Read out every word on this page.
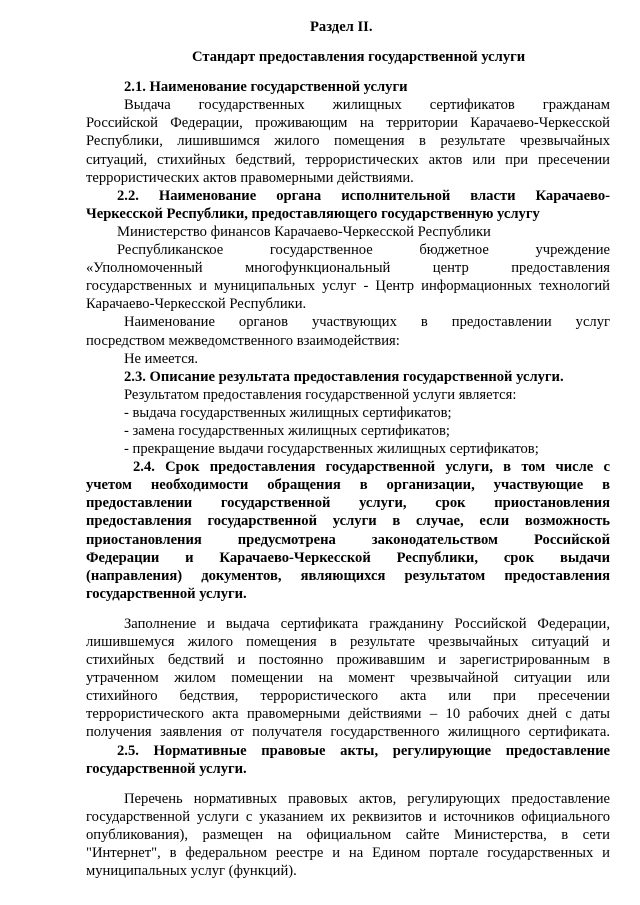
Раздел II.
Стандарт предоставления государственной услуги
2.1. Наименование государственной услуги
Выдача государственных жилищных сертификатов гражданам
Российской Федерации, проживающим на территории Карачаево-Черкесской
Республики, лишившимся жилого помещения в результате чрезвычайных
ситуаций, стихийных бедствий, террористических актов или при пресечении
террористических актов правомерными действиями.
2.2. Наименование органа исполнительной власти Карачаево-
Черкесской Республики, предоставляющего государственную услугу
Министерство финансов Карачаево-Черкесской Республики
Республиканское государственное бюджетное учреждение
«Уполномоченный многофункциональный центр предоставления
государственных и муниципальных услуг - Центр информационных технологий
Карачаево-Черкесской Республики.
Наименование органов участвующих в предоставлении услуг
посредством межведомственного взаимодействия:
Не имеется.
2.3. Описание результата предоставления государственной услуги.
Результатом предоставления государственной услуги является:
- выдача государственных жилищных сертификатов;
- замена государственных жилищных сертификатов;
- прекращение выдачи государственных жилищных сертификатов;
2.4. Срок предоставления государственной услуги, в том числе с
учетом необходимости обращения в организации, участвующие в
предоставлении государственной услуги, срок приостановления
предоставления государственной услуги в случае, если возможность
приостановления предусмотрена законодательством Российской
Федерации и Карачаево-Черкесской Республики, срок выдачи
(направления) документов, являющихся результатом предоставления
государственной услуги.
Заполнение и выдача сертификата гражданину Российской Федерации,
лишившемуся жилого помещения в результате чрезвычайных ситуаций и
стихийных бедствий и постоянно проживавшим и зарегистрированным в
утраченном жилом помещении на момент чрезвычайной ситуации или
стихийного бедствия, террористического акта или при пресечении
террористического акта правомерными действиями – 10 рабочих дней с даты
получения заявления от получателя государственного жилищного сертификата.
2.5. Нормативные правовые акты, регулирующие предоставление
государственной услуги.
Перечень нормативных правовых актов, регулирующих предоставление
государственной услуги с указанием их реквизитов и источников официального
опубликования), размещен на официальном сайте Министерства, в сети
"Интернет", в федеральном реестре и на Едином портале государственных и
муниципальных услуг (функций).
